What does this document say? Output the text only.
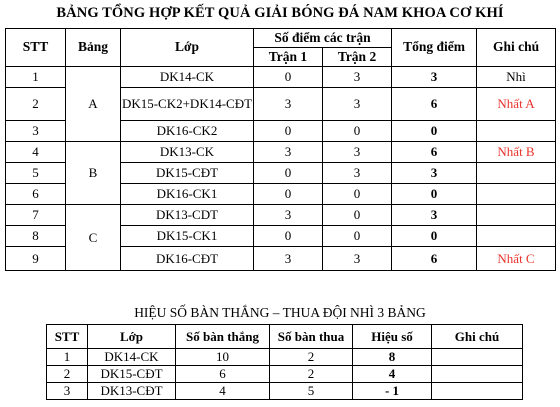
BẢNG TỔNG HỢP KẾT QUẢ GIẢI BÓNG ĐÁ NAM KHOA CƠ KHÍ
STT	Bảng	Lớp	Số điểm các trận		Tổng điểm	Ghi chú
			Trận 1	Trận 2		
1	A	DK14-CK	0	3	3	Nhì
2		DK15-CK2+DK14-CĐT	3	3	6	Nhất A
3		DK16-CK2	0	0	0	
4	B	DK13-CK	3	3	6	Nhất B
5		DK15-CĐT	0	3	3	
6		DK16-CK1	0	0	0	
7	C	DK13-CDT	3	0	3	
8		DK15-CK1	0	0	0	
9		DK16-CĐT	3	3	6	Nhất C
HIỆU SỐ BÀN THẮNG – THUA ĐỘI NHÌ 3 BẢNG
STT	Lớp	Số bàn thắng	Số bàn thua	Hiệu số	Ghi chú
1	DK14-CK	10	2	8	
2	DK15-CĐT	6	2	4	
3	DK13-CĐT	4	5	- 1	
